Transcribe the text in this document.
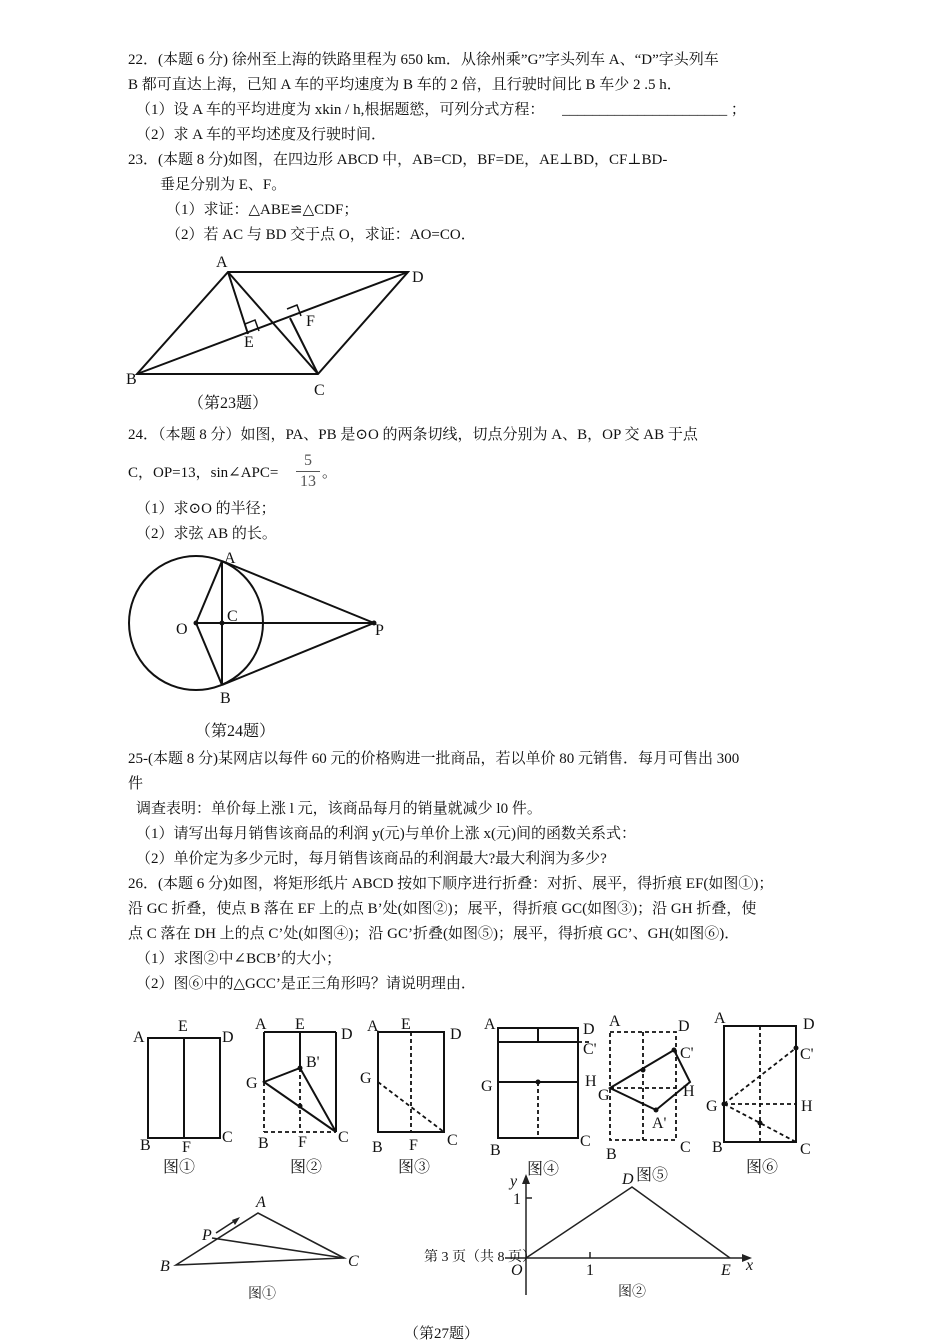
22．(本题 6 分) 徐州至上海的铁路里程为 650 km．从徐州乘”G”字头列车 A、“D”字头列车
B 都可直达上海，已知 A 车的平均速度为 B 车的 2 倍，且行驶时间比 B 车少 2 .5 h．
（1）设 A 车的平均进度为 xkin / h,根据题慾，可列分式方程： ______________________ ；
（2）求 A 车的平均述度及行驶时间．
23．(本题 8 分)如图，在四边形 ABCD 中，AB=CD，BF=DE，AE⊥BD，CF⊥BD-
垂足分别为 E、F。
（1）求证：△ABE≌△CDF；
（2）若 AC 与 BD 交于点 O，求证：AO=CO．
A
D
F
E
B
C
（第23题）
24．（本题 8 分）如图，PA、PB 是⊙O 的两条切线，切点分别为 A、B，OP 交 AB 于点
C，OP=13，sin∠APC= $\frac{5}{13}$ 。
（1）求⊙O 的半径；
（2）求弦 AB 的长。
A
C
O	P
B
（第24题）
25-(本题 8 分)某网店以每件 60 元的价格购进一批商品，若以单价 80 元销售．每月可售出 300
件
调查表明：单价每上涨 l 元，该商品每月的销量就减少 l0 件。
（1）请写出每月销售该商品的利润 y(元)与单价上涨 x(元)间的函数关系式：
（2）单价定为多少元时，每月销售该商品的利润最大?最大利润为多少?
26．(本题 6 分)如图，将矩形纸片 ABCD 按如下顺序进行折叠：对折、展平，得折痕 EF(如图①)；
沿 GC 折叠，使点 B 落在 EF 上的点 B’处(如图②)；展平，得折痕 GC(如图③)；沿 GH 折叠，使
点 C 落在 DH 上的点 C’处(如图④)；沿 GC’折叠(如图⑤)；展平，得折痕 GC’、GH(如图⑥)．
（1）求图②中∠BCB’的大小；
（2）图⑥中的△GCC’是正三角形吗？请说明理由．
A
E
D
B F
C
A E
D
B'
G
B F C
A E
D
G
B F C
A	D
C'
G	H
B
C
A	D
C'
G	H
A'
B	C
A	D
C'
G	H
B	C
图①	图②	图③	图④	图⑤	图⑥
A
P
B	C
y
1
D
O	1	E x
第 3 页（共 8 页）
图①	图②
（第27题）
